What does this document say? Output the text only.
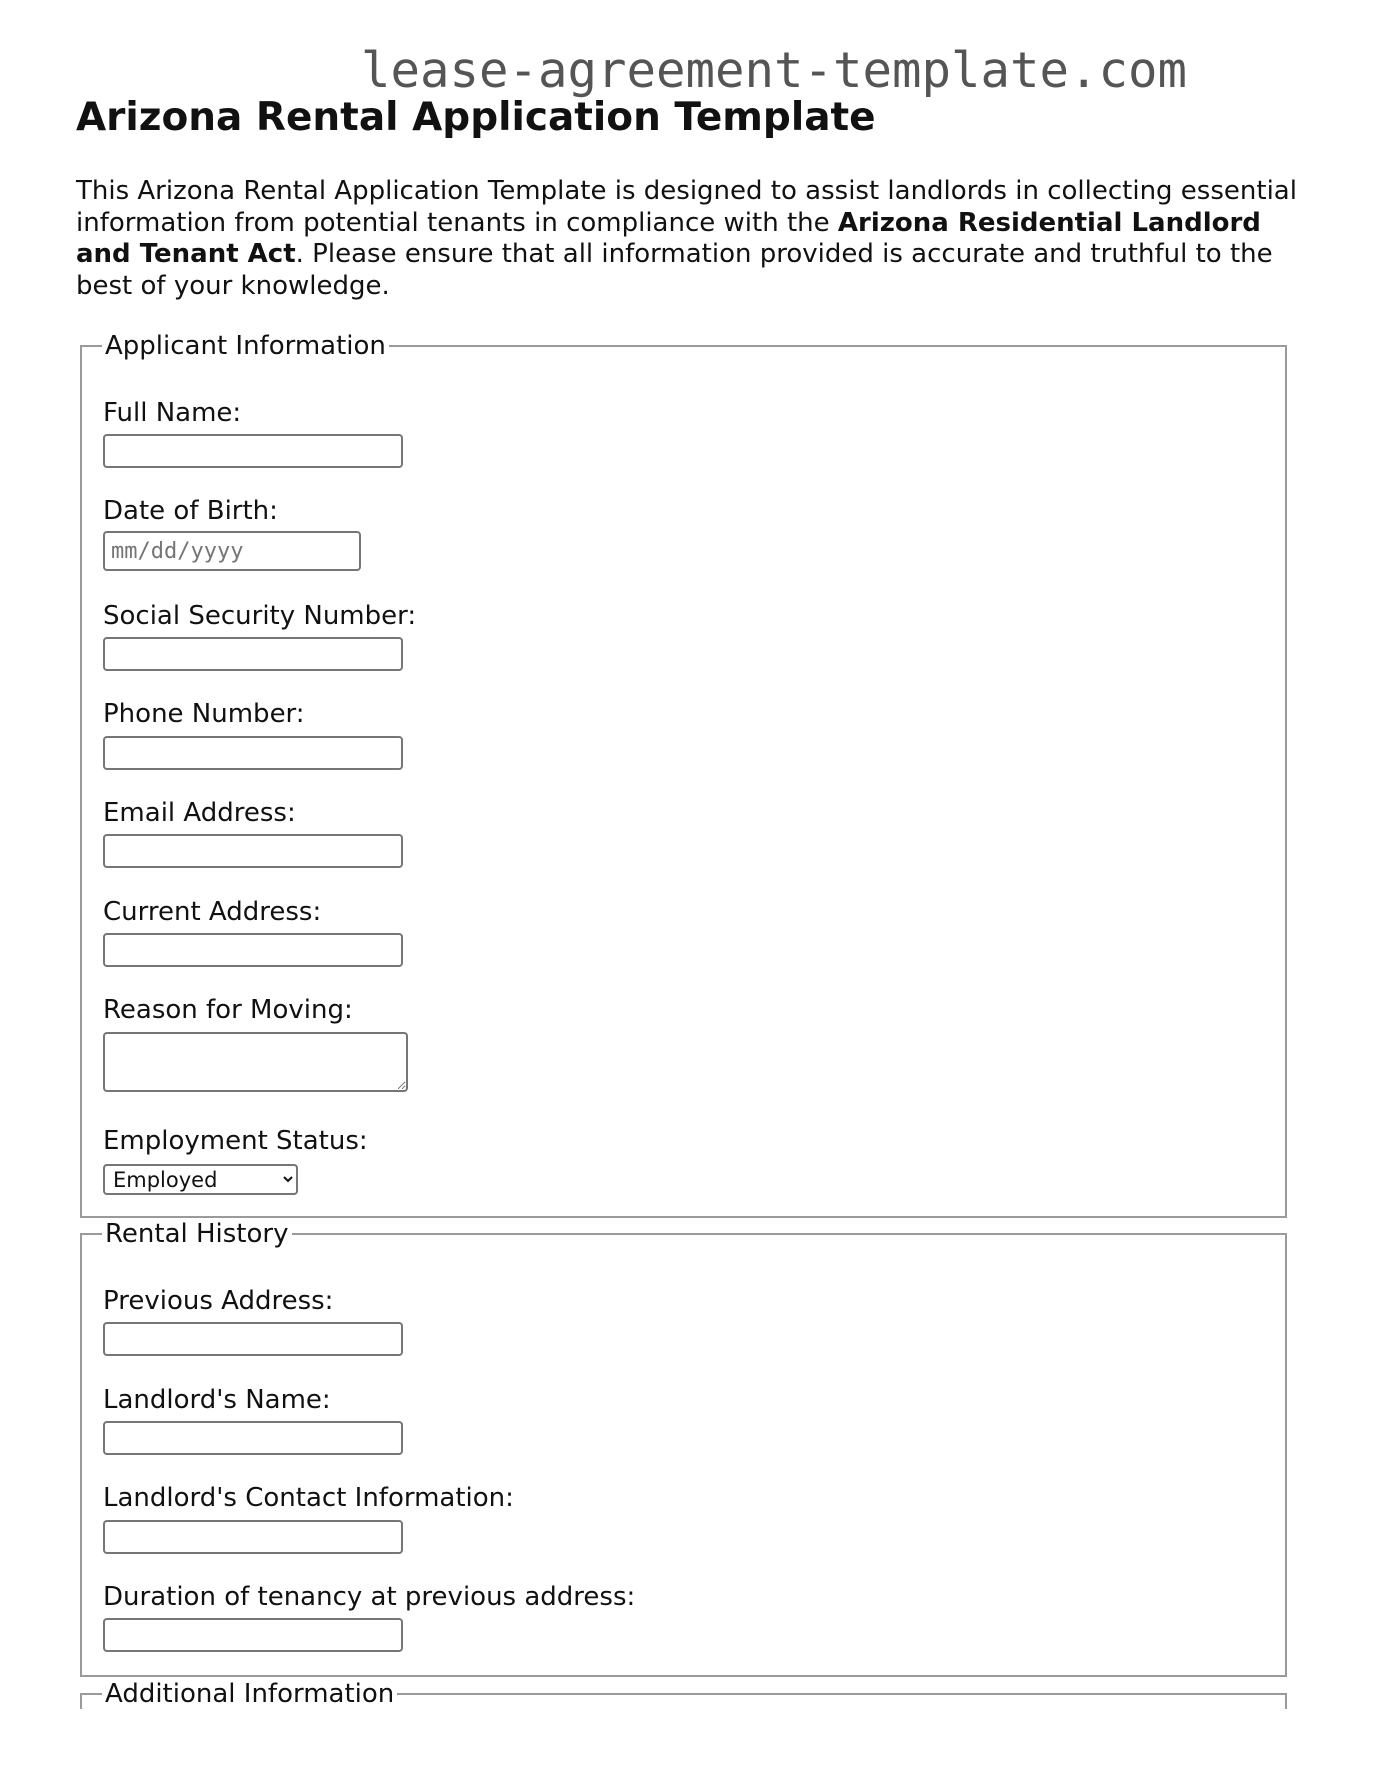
lease-agreement-template.com
Arizona Rental Application Template

This Arizona Rental Application Template is designed to assist landlords in collecting essential information from potential tenants in compliance with the Arizona Residential Landlord and Tenant Act. Please ensure that all information provided is accurate and truthful to the best of your knowledge.

Applicant Information
Full Name:
Date of Birth:
mm/dd/yyyy
Social Security Number:
Phone Number:
Email Address:
Current Address:
Reason for Moving:
Employment Status:
Employed
Rental History
Previous Address:
Landlord's Name:
Landlord's Contact Information:
Duration of tenancy at previous address:
Additional Information
